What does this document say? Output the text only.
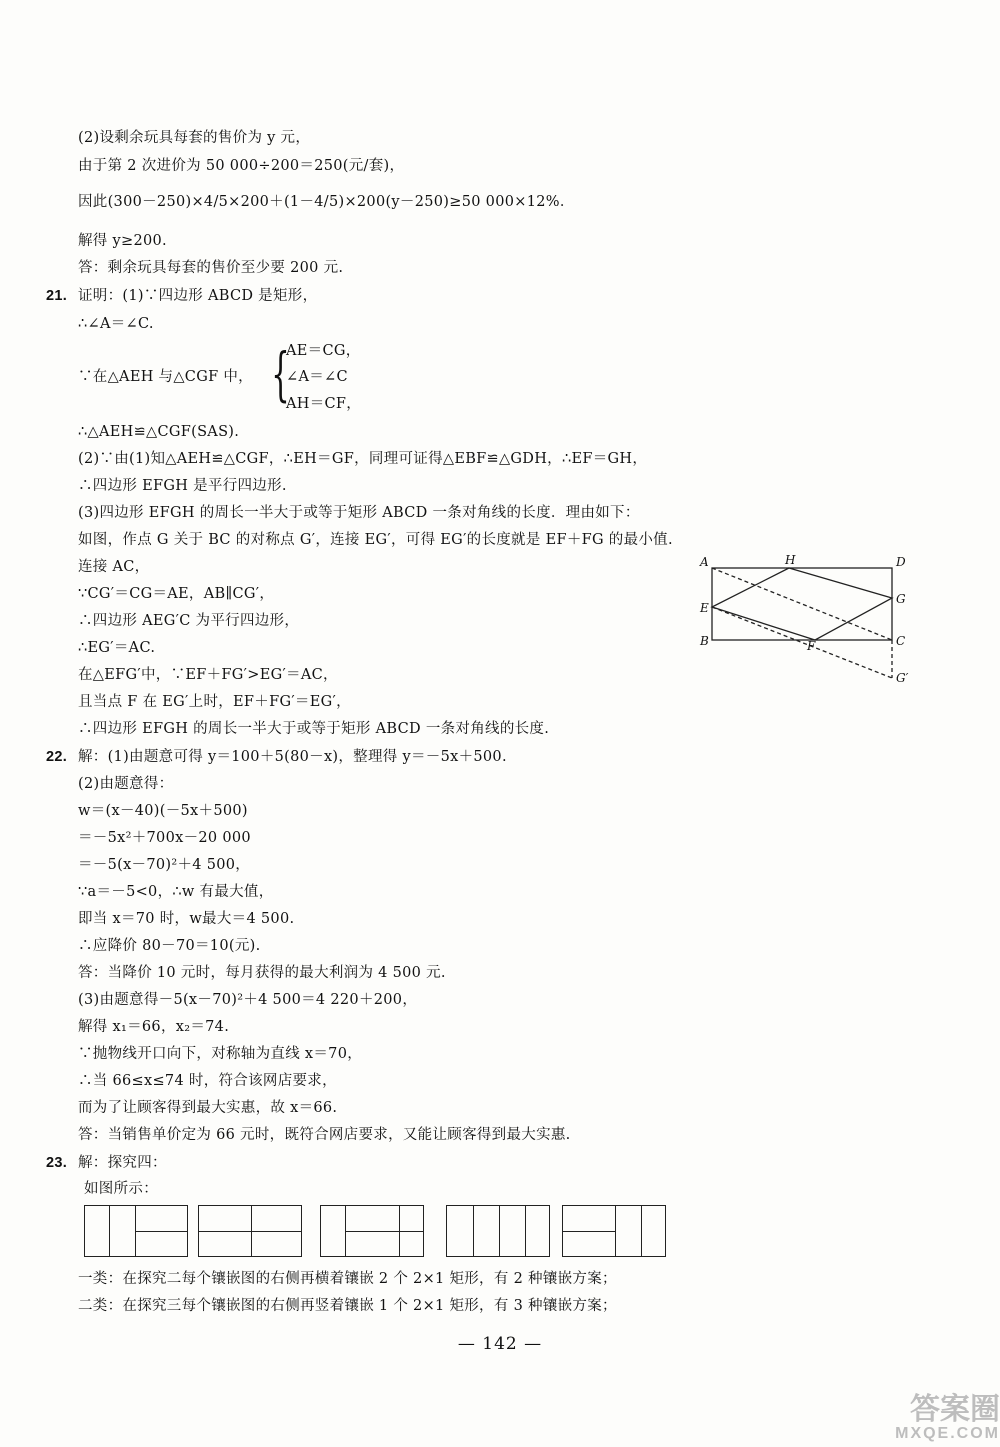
(2)设剩余玩具每套的售价为 y 元，
由于第 2 次进价为 50 000÷200＝250(元/套)，
因此(300－250)×4/5×200＋(1－4/5)×200(y－250)≥50 000×12%．
解得 y≥200.
答：剩余玩具每套的售价至少要 200 元.
21. 证明：(1)∵四边形 ABCD 是矩形，
∴∠A＝∠C.
∵在△AEH 与△CGF 中， {
AE＝CG，
∠A＝∠C
AH＝CF，
∴△AEH≌△CGF(SAS).
(2)∵由(1)知△AEH≌△CGF，∴EH＝GF，同理可证得△EBF≌△GDH，∴EF＝GH，
∴四边形 EFGH 是平行四边形.
(3)四边形 EFGH 的周长一半大于或等于矩形 ABCD 一条对角线的长度．理由如下：
如图，作点 G 关于 BC 的对称点 G′，连接 EG′，可得 EG′的长度就是 EF＋FG 的最小值.
连接 AC，
∵CG′＝CG＝AE，AB∥CG′，
∴四边形 AEG′C 为平行四边形，
∴EG′＝AC.
在△EFG′中，∵EF＋FG′>EG′＝AC，
且当点 F 在 EG′上时，EF＋FG′＝EG′，
∴四边形 EFGH 的周长一半大于或等于矩形 ABCD 一条对角线的长度.
A	H	D
E
G
B	F	C
G′
22. 解：(1)由题意可得 y＝100＋5(80－x)，整理得 y＝－5x＋500.
(2)由题意得：
w＝(x－40)(－5x＋500)
＝－5x²＋700x－20 000
＝－5(x－70)²＋4 500，
∵a＝－5<0，∴w 有最大值，
即当 x＝70 时，w最大＝4 500.
∴应降价 80－70＝10(元).
答：当降价 10 元时，每月获得的最大利润为 4 500 元.
(3)由题意得－5(x－70)²＋4 500＝4 220＋200，
解得 x₁＝66，x₂＝74.
∵抛物线开口向下，对称轴为直线 x＝70，
∴当 66≤x≤74 时，符合该网店要求，
而为了让顾客得到最大实惠，故 x＝66.
答：当销售单价定为 66 元时，既符合网店要求，又能让顾客得到最大实惠.
23. 解：探究四：
如图所示：
一类：在探究二每个镶嵌图的右侧再横着镶嵌 2 个 2×1 矩形，有 2 种镶嵌方案；
二类：在探究三每个镶嵌图的右侧再竖着镶嵌 1 个 2×1 矩形，有 3 种镶嵌方案；
— 142 —
答案圈
MXQE.COM
